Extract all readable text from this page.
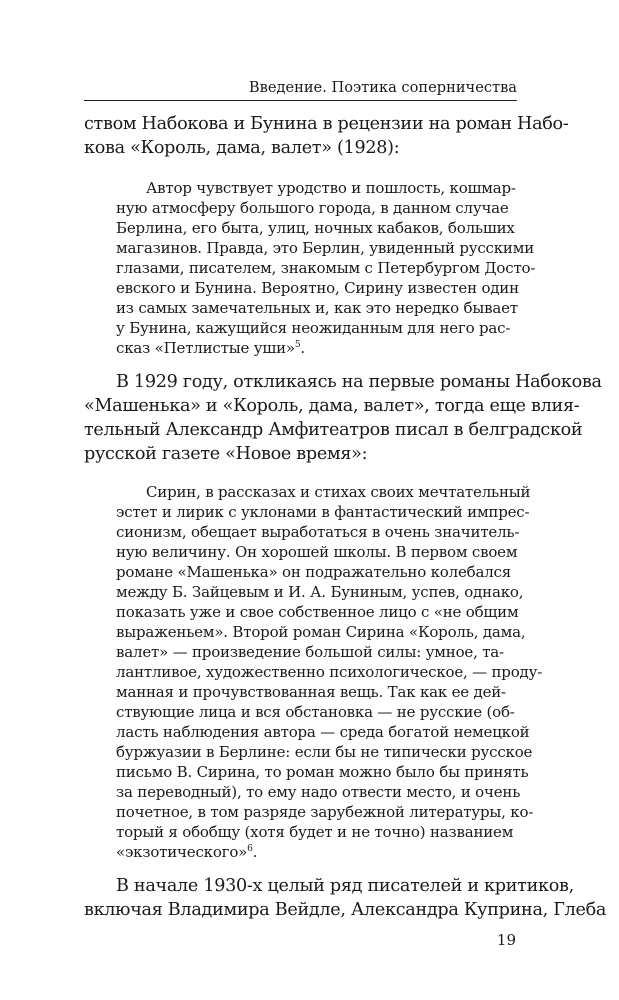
Введение. Поэтика соперничества
ством Набокова и Бунина в рецензии на роман Набо-
кова «Король, дама, валет» (1928):
Автор чувствует уродство и пошлость, кошмар-
ную атмосферу большого города, в данном случае
Берлина, его быта, улиц, ночных кабаков, больших
магазинов. Правда, это Берлин, увиденный русскими
глазами, писателем, знакомым с Петербургом Досто-
евского и Бунина. Вероятно, Сирину известен один
из самых замечательных и, как это нередко бывает
у Бунина, кажущийся неожиданным для него рас-
сказ «Петлистые уши»$^5$.
В 1929 году, откликаясь на первые романы Набокова
«Машенька» и «Король, дама, валет», тогда еще влия-
тельный Александр Амфитеатров писал в белградской
русской газете «Новое время»:
Сирин, в рассказах и стихах своих мечтательный
эстет и лирик с уклонами в фантастический импрес-
сионизм, обещает выработаться в очень значитель-
ную величину. Он хорошей школы. В первом своем
романе «Машенька» он подражательно колебался
между Б. Зайцевым и И. А. Буниным, успев, однако,
показать уже и свое собственное лицо с «не общим
выраженьем». Второй роман Сирина «Король, дама,
валет» — произведение большой силы: умное, та-
лантливое, художественно психологическое, — проду-
манная и прочувствованная вещь. Так как ее дей-
ствующие лица и вся обстановка — не русские (об-
ласть наблюдения автора — среда богатой немецкой
буржуазии в Берлине: если бы не типически русское
письмо В. Сирина, то роман можно было бы принять
за переводный), то ему надо отвести место, и очень
почетное, в том разряде зарубежной литературы, ко-
торый я обобщу (хотя будет и не точно) названием
«экзотического»$^6$.
В начале 1930-х целый ряд писателей и критиков,
включая Владимира Вейдле, Александра Куприна, Глеба
19
